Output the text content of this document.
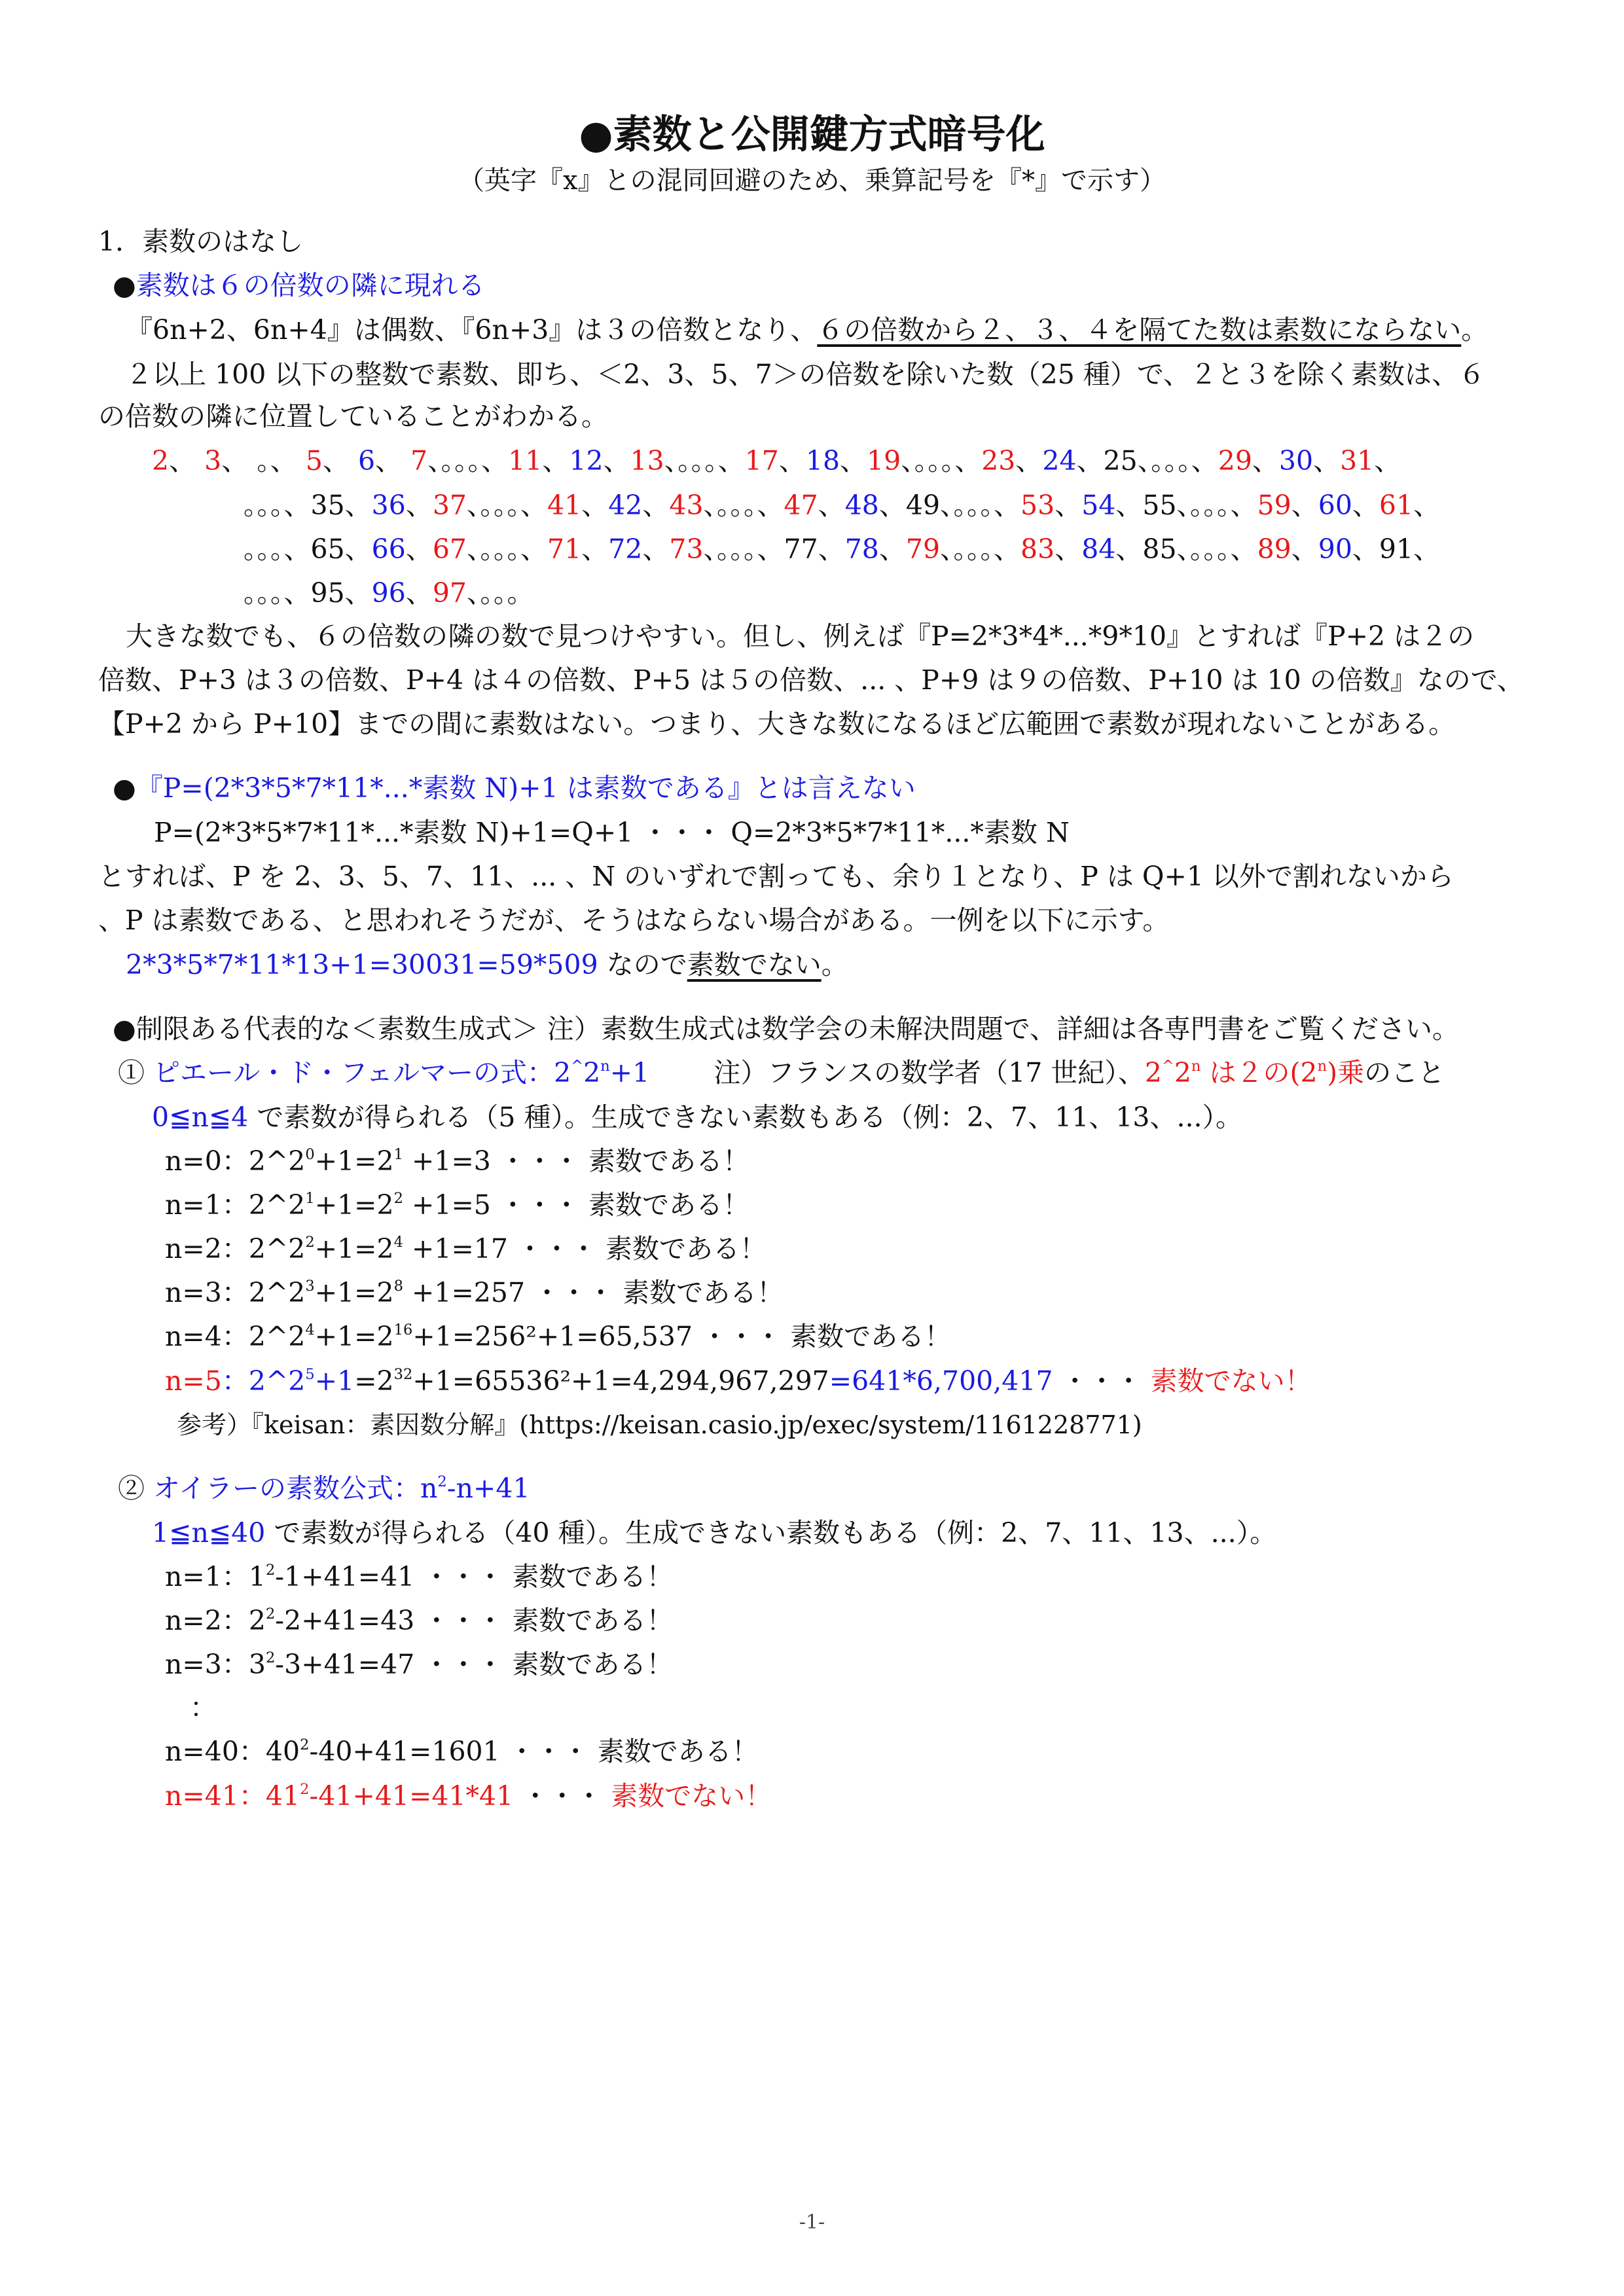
●素数と公開鍵方式暗号化
（英字『x』との混同回避のため、乗算記号を『*』で示す）
1．素数のはなし
●素数は６の倍数の隣に現れる
『6n+2、6n+4』は偶数、『6n+3』は３の倍数となり、６の倍数から２、３、４を隔てた数は素数にならない。
２以上 100 以下の整数で素数、即ち、＜2、3、5、7＞の倍数を除いた数（25 種）で、２と３を除く素数は、６
の倍数の隣に位置していることがわかる。
2、 3、 。、 5、 6、 7、。。。、11、12、13、。。。、17、18、19、。。。、23、24、25、。。。、29、30、31、
。。。、35、36、37、。。。、41、42、43、。。。、47、48、49、。。。、53、54、55、。。。、59、60、61、
。。。、65、66、67、。。。、71、72、73、。。。、77、78、79、。。。、83、84、85、。。。、89、90、91、
。。。、95、96、97、。。。
大きな数でも、６の倍数の隣の数で見つけやすい。但し、例えば『P=2*3*4*...*9*10』とすれば『P+2 は２の
倍数、P+3 は３の倍数、P+4 は４の倍数、P+5 は５の倍数、... 、P+9 は９の倍数、P+10 は 10 の倍数』なので、
【P+2 から P+10】までの間に素数はない。つまり、大きな数になるほど広範囲で素数が現れないことがある。
●『P=(2*3*5*7*11*...*素数 N)+1 は素数である』とは言えない
P=(2*3*5*7*11*...*素数 N)+1=Q+1 ・・・ Q=2*3*5*7*11*...*素数 N
とすれば、P を 2、3、5、7、11、... 、N のいずれで割っても、余り１となり、P は Q+1 以外で割れないから
、P は素数である、と思われそうだが、そうはならない場合がある。一例を以下に示す。
2*3*5*7*11*13+1=30031=59*509 なので素数でない。
●制限ある代表的な＜素数生成式＞ 注）素数生成式は数学会の未解決問題で、詳細は各専門書をご覧ください。
① ピエール・ド・フェルマーの式：$2^{\^{}}2^n+1$ 注）フランスの数学者（17 世紀）、2^2$^n$ は２の(2$^n$)乗のこと
0≦n≦4 で素数が得られる（5 種）。生成できない素数もある（例：2、7、11、13、...）。
n=0：$2\^{}2^0+1=2^1 +1=3$ ・・・ 素数である！
n=1：$2\^{}2^1+1=2^2 +1=5$ ・・・ 素数である！
n=2：$2\^{}2^2+1=2^4 +1=17$ ・・・ 素数である！
n=3：$2\^{}2^3+1=2^8 +1=257$ ・・・ 素数である！
n=4：$2\^{}2^4+1=2^{16}+1=256^2+1=65,537$ ・・・ 素数である！
n=5：$2\^{}2^5+1=2^{32}+1=65536^2+1=4,294,967,297=641*6,700,417$ ・・・ 素数でない！
参考）『keisan：素因数分解』(https://keisan.casio.jp/exec/system/1161228771)
② オイラーの素数公式：$n^2-n+41$
1≦n≦40 で素数が得られる（40 種）。生成できない素数もある（例：2、7、11、13、...）。
n=1：$1^2-1+41=41$ ・・・ 素数である！
n=2：$2^2-2+41=43$ ・・・ 素数である！
n=3：$3^2-3+41=47$ ・・・ 素数である！
：
n=40：$40^2-40+41=1601$ ・・・ 素数である！
n=41：$41^2-41+41=41*41$ ・・・ 素数でない！
-1-
